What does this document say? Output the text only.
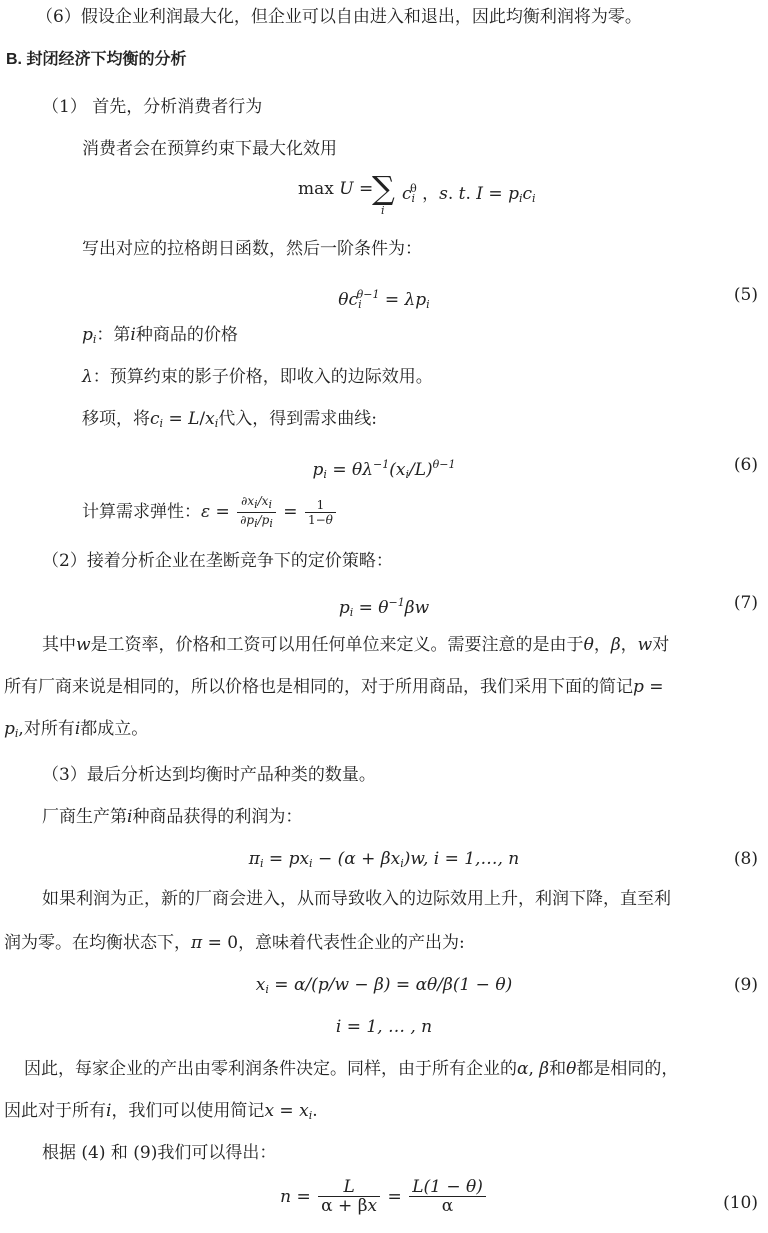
（6）假设企业利润最大化，但企业可以自由进入和退出，因此均衡利润将为零。
B. 封闭经济下均衡的分析
（1） 首先，分析消费者行为
消费者会在预算约束下最大化效用
max U =
∑
i
$c_i^\theta$ ，s. t. $I = p_ic_i$
写出对应的拉格朗日函数，然后一阶条件为：
$\theta c_i^{\theta-1} = \lambda p_i$	(5)
$p_i$：第i种商品的价格
λ：预算约束的影子价格，即收入的边际效用。
移项，将$c_i = L/x_i$代入，得到需求曲线:
$p_i = \theta\lambda^{-1}(x_i/L)^{\theta-1}$	(6)
计算需求弹性：$\varepsilon = \frac{\partial x_i/x_i}{\partial p_i/p_i} = \frac{1}{1-\theta}$
（2）接着分析企业在垄断竞争下的定价策略：
$p_i = \theta^{-1}\beta w$	(7)
其中w是工资率，价格和工资可以用任何单位来定义。需要注意的是由于θ，β，w对
所有厂商来说是相同的，所以价格也是相同的，对于所用商品，我们采用下面的简记p =
$p_i$,对所有i都成立。
（3）最后分析达到均衡时产品种类的数量。
厂商生产第i种商品获得的利润为：
$\pi_i = px_i - (\alpha + \beta x_i)w$, i = 1,…, n	(8)
如果利润为正，新的厂商会进入，从而导致收入的边际效用上升，利润下降，直至利
润为零。在均衡状态下，π = 0，意味着代表性企业的产出为:
$x_i = \alpha/(p/w - \beta) = \alpha\theta/\beta(1 - \theta)$	(9)
i = 1, … , n
因此，每家企业的产出由零利润条件决定。同样，由于所有企业的α, β和θ都是相同的，
因此对于所有i，我们可以使用简记$x = x_i$.
根据 (4) 和 (9)我们可以得出：
$n = \frac{L}{\alpha + \beta x} = \frac{L(1 - \theta)}{\alpha}$	(10)
